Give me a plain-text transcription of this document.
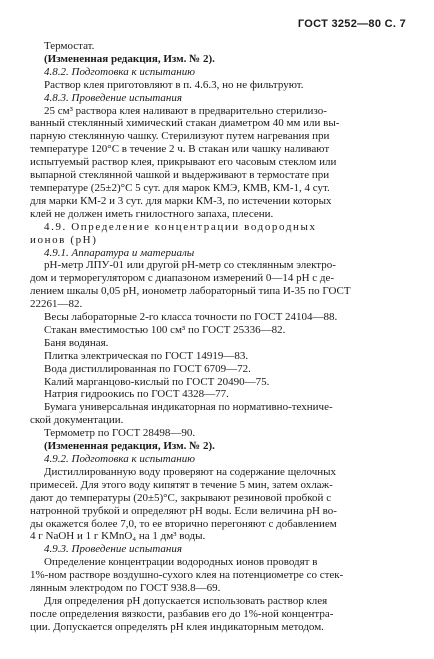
ГОСТ 3252—80 С. 7
Термостат.
(Измененная редакция, Изм. № 2).
4.8.2. Подготовка к испытанию
Раствор клея приготовляют в п. 4.6.3, но не фильтруют.
4.8.3. Проведение испытания
25 см³ раствора клея наливают в предварительно стерилизо-
ванный стеклянный химический стакан диаметром 40 мм или вы-
парную стеклянную чашку. Стерилизуют путем нагревания при
температуре 120°С в течение 2 ч. В стакан или чашку наливают
испытуемый раствор клея, прикрывают его часовым стеклом или
выпарной стеклянной чашкой и выдерживают в термостате при
температуре (25±2)°С 5 сут. для марок КМЭ, КМВ, КМ-1, 4 сут.
для марки КМ-2 и 3 сут. для марки КМ-3, по истечении которых
клей не должен иметь гнилостного запаха, плесени.
4.9. Определение концентрации водородных
ионов (рН)
4.9.1. Аппаратура и материалы
рН-метр ЛПУ-01 или другой рН-метр со стеклянным электро-
дом и терморегулятором с диапазоном измерений 0—14 рН с де-
лением шкалы 0,05 рН, ионометр лабораторный типа И-35 по ГОСТ
22261—82.
Весы лабораторные 2-го класса точности по ГОСТ 24104—88.
Стакан вместимостью 100 см³ по ГОСТ 25336—82.
Баня водяная.
Плитка электрическая по ГОСТ 14919—83.
Вода дистиллированная по ГОСТ 6709—72.
Калий марганцово-кислый по ГОСТ 20490—75.
Натрия гидроокись по ГОСТ 4328—77.
Бумага универсальная индикаторная по нормативно-техниче-
ской документации.
Термометр по ГОСТ 28498—90.
(Измененная редакция, Изм. № 2).
4.9.2. Подготовка к испытанию
Дистиллированную воду проверяют на содержание щелочных
примесей. Для этого воду кипятят в течение 5 мин, затем охлаж-
дают до температуры (20±5)°С, закрывают резиновой пробкой с
натронной трубкой и определяют рН воды. Если величина рН во-
ды окажется более 7,0, то ее вторично перегоняют с добавлением
4 г NaOH и 1 г KMnO₄ на 1 дм³ воды.
4.9.3. Проведение испытания
Определение концентрации водородных ионов проводят в
1%-ном растворе воздушно-сухого клея на потенциометре со стек-
лянным электродом по ГОСТ 938.8—69.
Для определения рН допускается использовать раствор клея
после определения вязкости, разбавив его до 1%-ной концентра-
ции. Допускается определять рН клея индикаторным методом.
